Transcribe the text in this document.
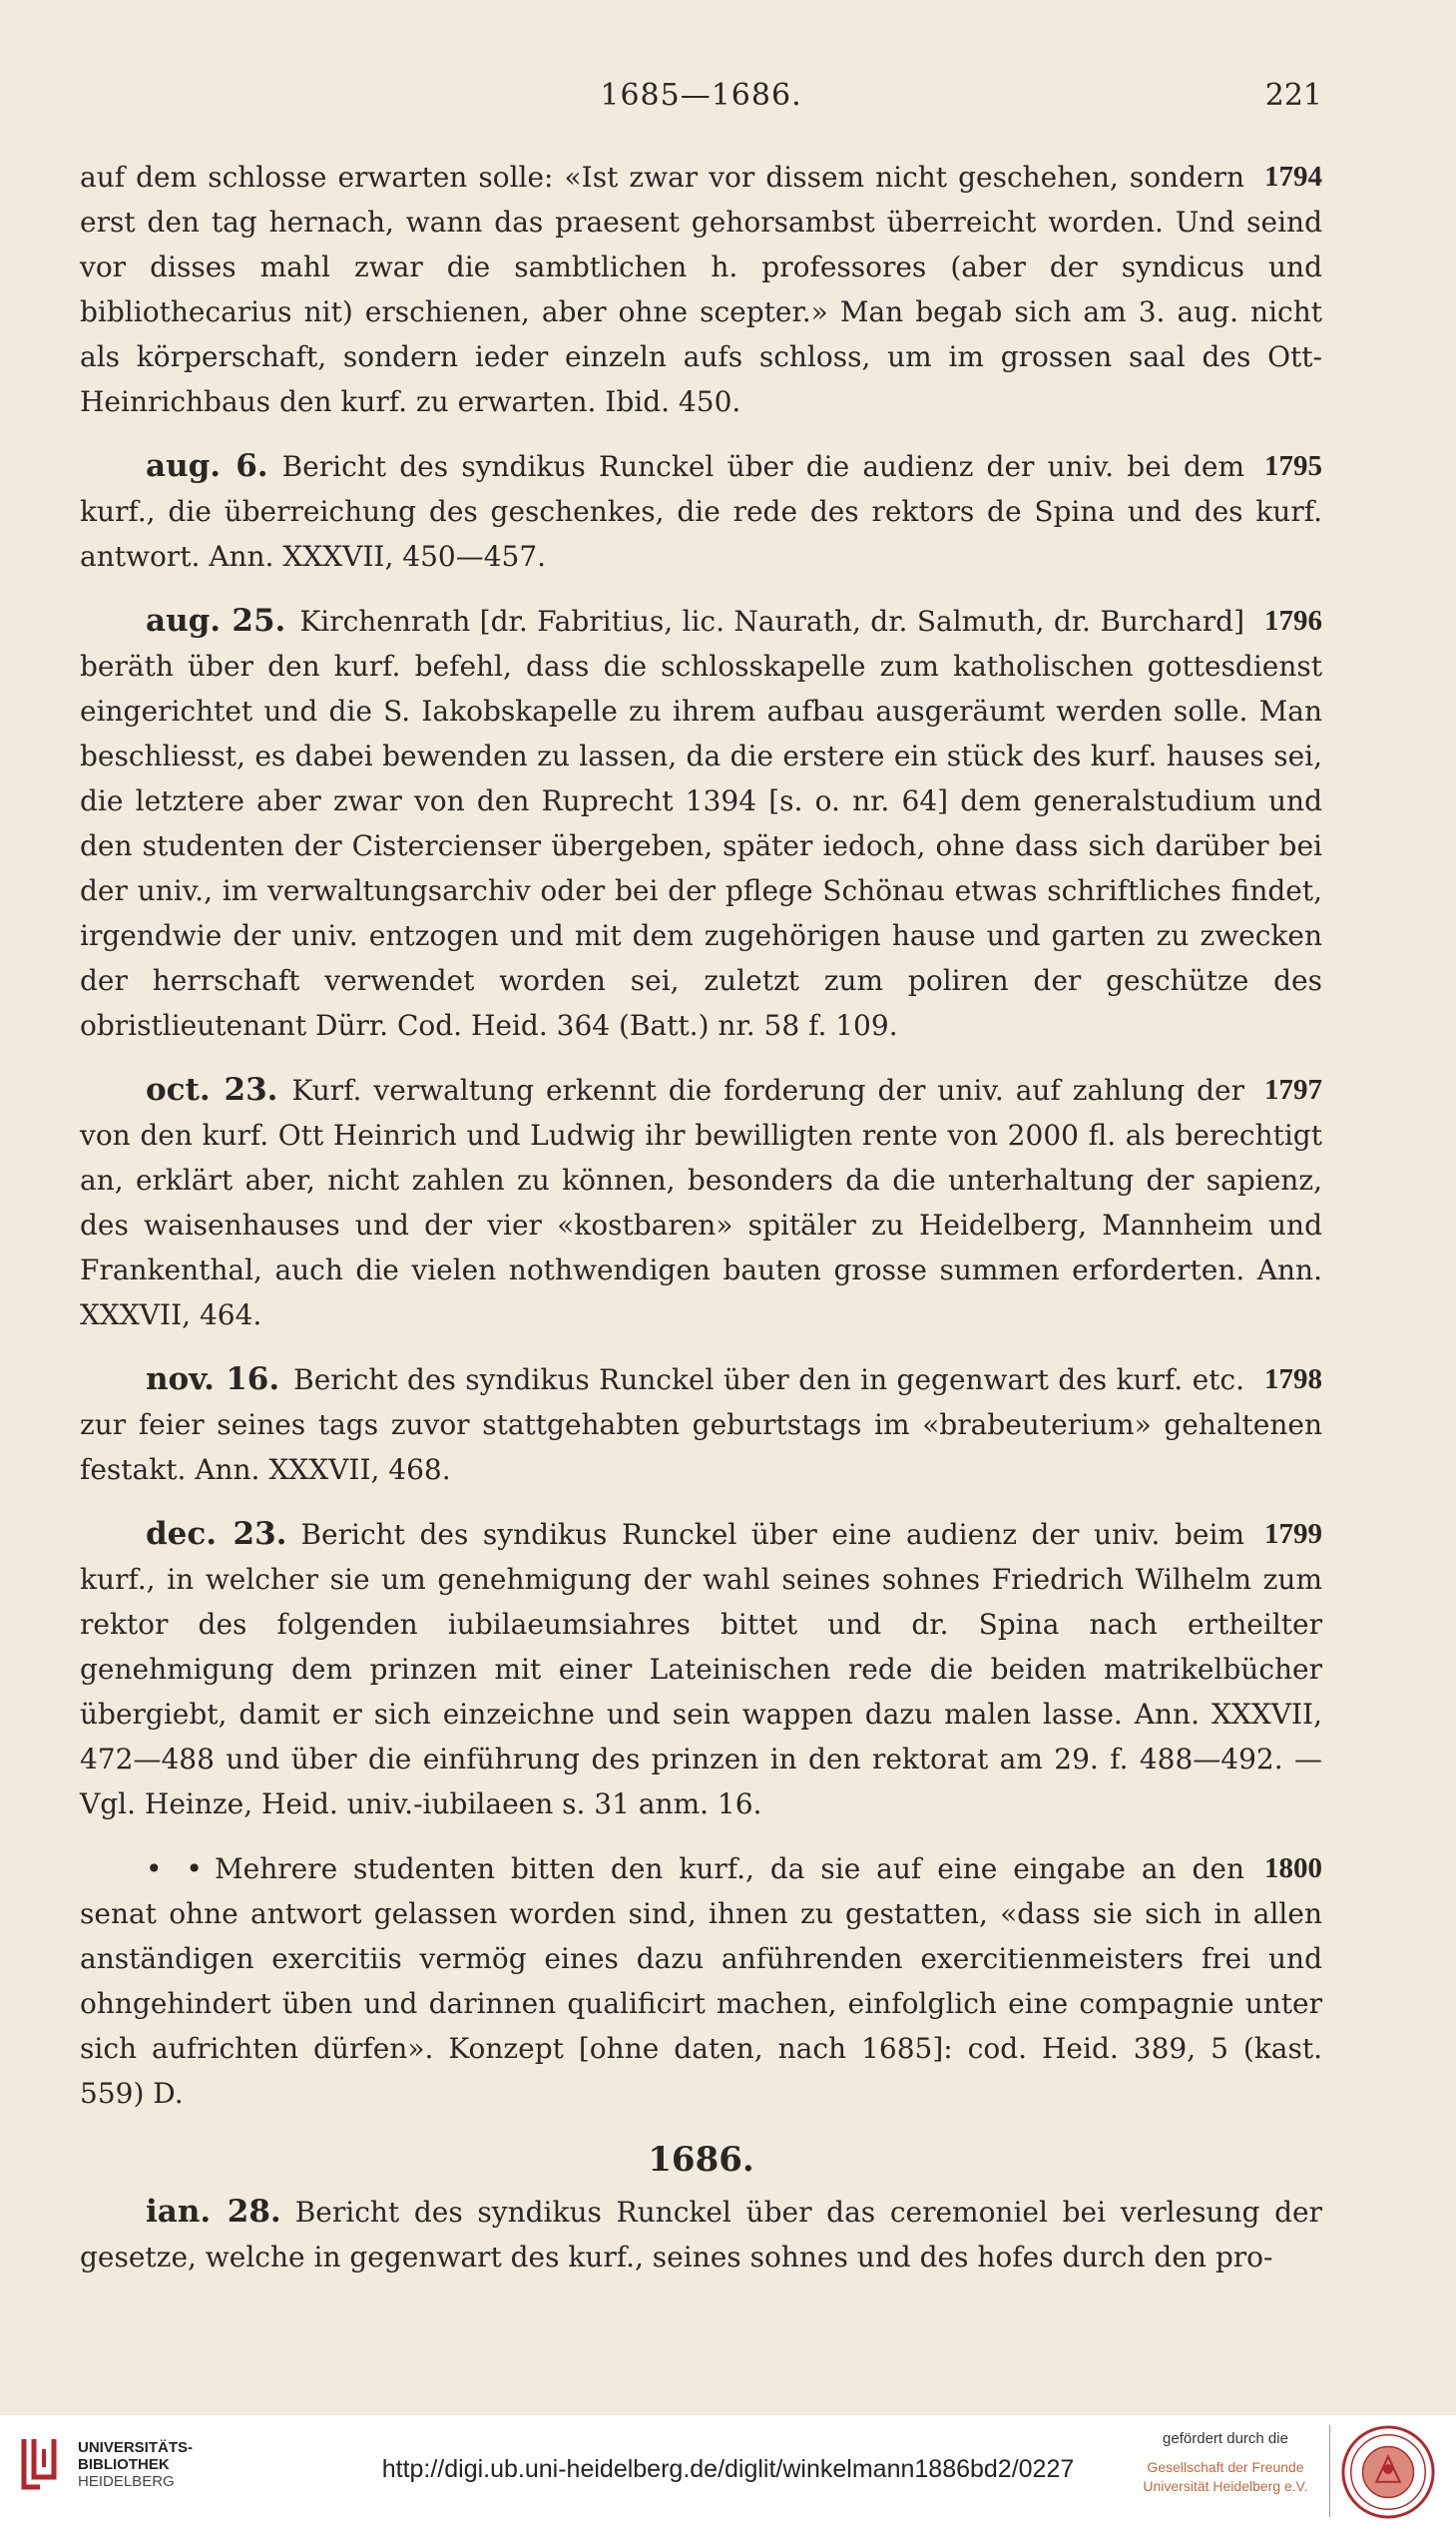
1685—1686.	221
1794
auf dem schlosse erwarten solle: «Ist zwar vor dissem nicht geschehen, sondern erst den tag hernach, wann das praesent gehorsambst überreicht worden. Und seind vor disses mahl zwar die sambtlichen h. professores (aber der syndicus und bibliothecarius nit) erschienen, aber ohne scepter.» Man begab sich am 3. aug. nicht als körperschaft, sondern ieder einzeln aufs schloss, um im grossen saal des Ott-Heinrichbaus den kurf. zu erwarten. Ibid. 450.
1795
aug. 6. Bericht des syndikus Runckel über die audienz der univ. bei dem kurf., die überreichung des geschenkes, die rede des rektors de Spina und des kurf. antwort. Ann. XXXVII, 450—457.
1796
aug. 25. Kirchenrath [dr. Fabritius, lic. Naurath, dr. Salmuth, dr. Burchard] beräth über den kurf. befehl, dass die schlosskapelle zum katholischen gottesdienst eingerichtet und die S. Iakobskapelle zu ihrem aufbau ausgeräumt werden solle. Man beschliesst, es dabei bewenden zu lassen, da die erstere ein stück des kurf. hauses sei, die letztere aber zwar von den Ruprecht 1394 [s. o. nr. 64] dem generalstudium und den studenten der Cistercienser übergeben, später iedoch, ohne dass sich darüber bei der univ., im verwaltungsarchiv oder bei der pflege Schönau etwas schriftliches findet, irgendwie der univ. entzogen und mit dem zugehörigen hause und garten zu zwecken der herrschaft verwendet worden sei, zuletzt zum poliren der geschütze des obristlieutenant Dürr. Cod. Heid. 364 (Batt.) nr. 58 f. 109.
1797
oct. 23. Kurf. verwaltung erkennt die forderung der univ. auf zahlung der von den kurf. Ott Heinrich und Ludwig ihr bewilligten rente von 2000 fl. als berechtigt an, erklärt aber, nicht zahlen zu können, besonders da die unterhaltung der sapienz, des waisenhauses und der vier «kostbaren» spitäler zu Heidelberg, Mannheim und Frankenthal, auch die vielen nothwendigen bauten grosse summen erforderten. Ann. XXXVII, 464.
1798
nov. 16. Bericht des syndikus Runckel über den in gegenwart des kurf. etc. zur feier seines tags zuvor stattgehabten geburtstags im «brabeuterium» gehaltenen festakt. Ann. XXXVII, 468.
1799
dec. 23. Bericht des syndikus Runckel über eine audienz der univ. beim kurf., in welcher sie um genehmigung der wahl seines sohnes Friedrich Wilhelm zum rektor des folgenden iubilaeumsiahres bittet und dr. Spina nach ertheilter genehmigung dem prinzen mit einer Lateinischen rede die beiden matrikelbücher übergiebt, damit er sich einzeichne und sein wappen dazu malen lasse. Ann. XXXVII, 472—488 und über die einführung des prinzen in den rektorat am 29. f. 488—492. — Vgl. Heinze, Heid. univ.-iubilaeen s. 31 anm. 16.
1800
• • Mehrere studenten bitten den kurf., da sie auf eine eingabe an den senat ohne antwort gelassen worden sind, ihnen zu gestatten, «dass sie sich in allen anständigen exercitiis vermög eines dazu anführenden exercitienmeisters frei und ohngehindert üben und darinnen qualificirt machen, einfolglich eine compagnie unter sich aufrichten dürfen». Konzept [ohne daten, nach 1685]: cod. Heid. 389, 5 (kast. 559) D.
1686.
ian. 28. Bericht des syndikus Runckel über das ceremoniel bei verlesung der gesetze, welche in gegenwart des kurf., seines sohnes und des hofes durch den pro-
UNIVERSITÄTS-
BIBLIOTHEK
HEIDELBERG	http://digi.ub.uni-heidelberg.de/diglit/winkelmann1886bd2/0227
gefördert durch die
Gesellschaft der Freunde
Universität Heidelberg e.V.
